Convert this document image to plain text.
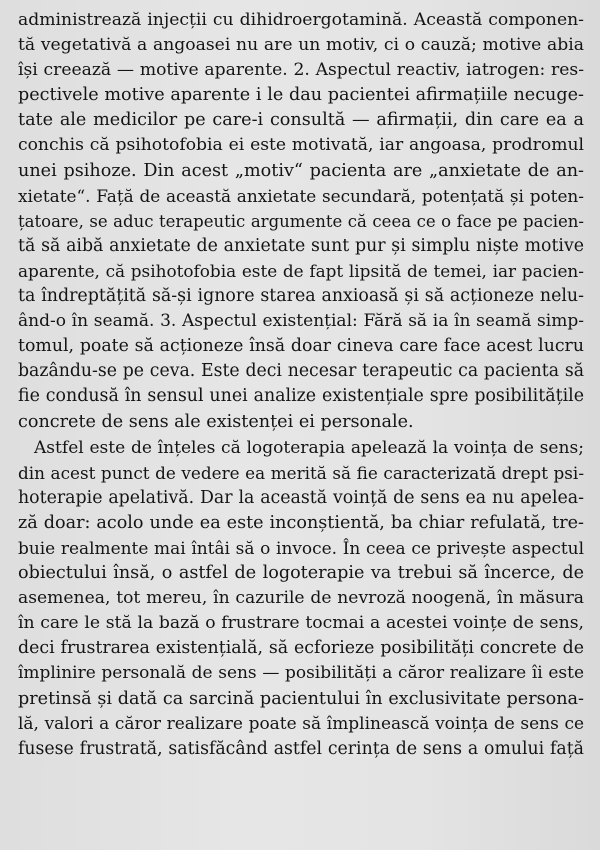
administrează injecții cu dihidroergotamină. Această componen-
tă vegetativă a angoasei nu are un motiv, ci o cauză; motive abia
își creează — motive aparente. 2. Aspectul reactiv, iatrogen: res-
pectivele motive aparente i le dau pacientei afirmațiile necuge-
tate ale medicilor pe care-i consultă — afirmații, din care ea a
conchis că psihotofobia ei este motivată, iar angoasa, prodromul
unei psihoze. Din acest „motiv“ pacienta are „anxietate de an-
xietate“. Față de această anxietate secundară, potențată și poten-
țatoare, se aduc terapeutic argumente că ceea ce o face pe pacien-
tă să aibă anxietate de anxietate sunt pur și simplu niște motive
aparente, că psihotofobia este de fapt lipsită de temei, iar pacien-
ta îndreptățită să-și ignore starea anxioasă și să acționeze nelu-
ând-o în seamă. 3. Aspectul existențial: Fără să ia în seamă simp-
tomul, poate să acționeze însă doar cineva care face acest lucru
bazându-se pe ceva. Este deci necesar terapeutic ca pacienta să
fie condusă în sensul unei analize existențiale spre posibilitățile
concrete de sens ale existenței ei personale.
Astfel este de înțeles că logoterapia apelează la voința de sens;
din acest punct de vedere ea merită să fie caracterizată drept psi-
hoterapie apelativă. Dar la această voință de sens ea nu apelea-
ză doar: acolo unde ea este inconștientă, ba chiar refulată, tre-
buie realmente mai întâi să o invoce. În ceea ce privește aspectul
obiectului însă, o astfel de logoterapie va trebui să încerce, de
asemenea, tot mereu, în cazurile de nevroză noogenă, în măsura
în care le stă la bază o frustrare tocmai a acestei voințe de sens,
deci frustrarea existențială, să ecforieze posibilități concrete de
împlinire personală de sens — posibilități a căror realizare îi este
pretinsă și dată ca sarcină pacientului în exclusivitate persona-
lă, valori a căror realizare poate să împlinească voința de sens ce
fusese frustrată, satisfăcând astfel cerința de sens a omului față
